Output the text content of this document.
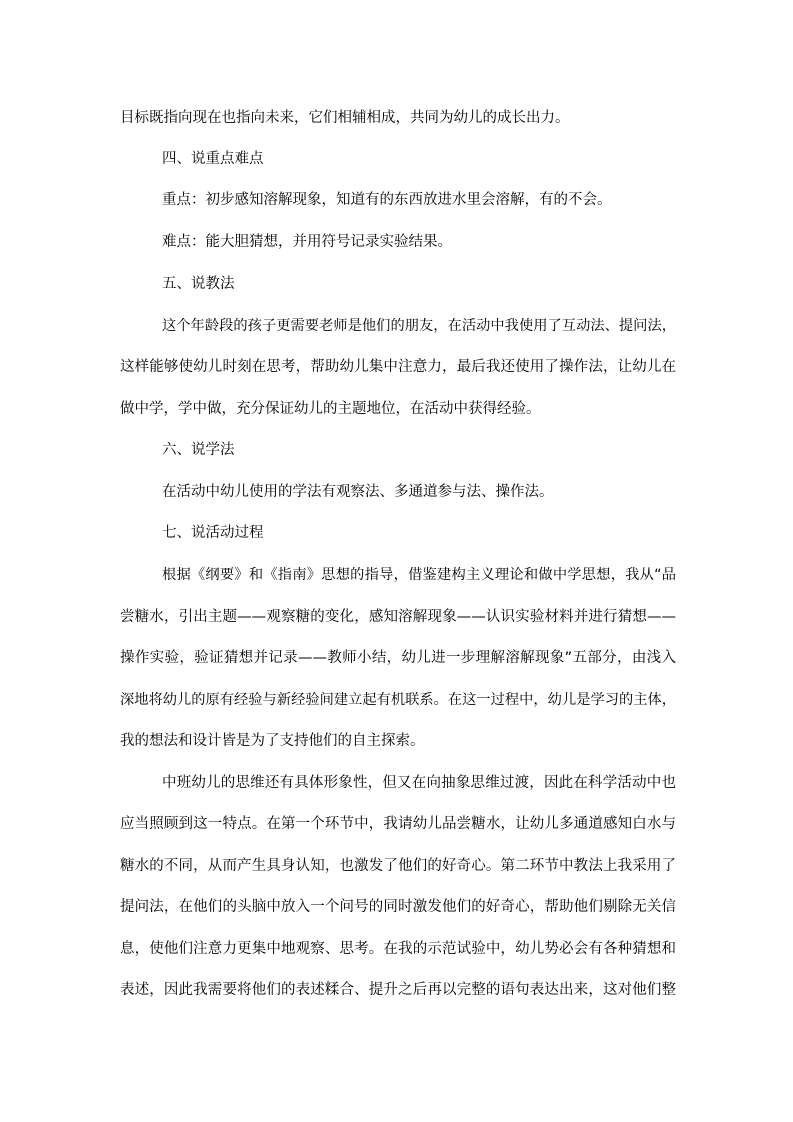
目标既指向现在也指向未来，它们相辅相成，共同为幼儿的成长出力。
四、说重点难点
重点：初步感知溶解现象，知道有的东西放进水里会溶解，有的不会。
难点：能大胆猜想，并用符号记录实验结果。
五、说教法
这个年龄段的孩子更需要老师是他们的朋友，在活动中我使用了互动法、提问法，
这样能够使幼儿时刻在思考，帮助幼儿集中注意力，最后我还使用了操作法，让幼儿在
做中学，学中做，充分保证幼儿的主题地位，在活动中获得经验。
六、说学法
在活动中幼儿使用的学法有观察法、多通道参与法、操作法。
七、说活动过程
根据《纲要》和《指南》思想的指导，借鉴建构主义理论和做中学思想，我从“品
尝糖水，引出主题——观察糖的变化，感知溶解现象——认识实验材料并进行猜想——
操作实验，验证猜想并记录——教师小结，幼儿进一步理解溶解现象”五部分，由浅入
深地将幼儿的原有经验与新经验间建立起有机联系。在这一过程中，幼儿是学习的主体，
我的想法和设计皆是为了支持他们的自主探索。
中班幼儿的思维还有具体形象性，但又在向抽象思维过渡，因此在科学活动中也
应当照顾到这一特点。在第一个环节中，我请幼儿品尝糖水，让幼儿多通道感知白水与
糖水的不同，从而产生具身认知，也激发了他们的好奇心。第二环节中教法上我采用了
提问法，在他们的头脑中放入一个问号的同时激发他们的好奇心，帮助他们剔除无关信
息，使他们注意力更集中地观察、思考。在我的示范试验中，幼儿势必会有各种猜想和
表述，因此我需要将他们的表述糅合、提升之后再以完整的语句表达出来，这对他们整
